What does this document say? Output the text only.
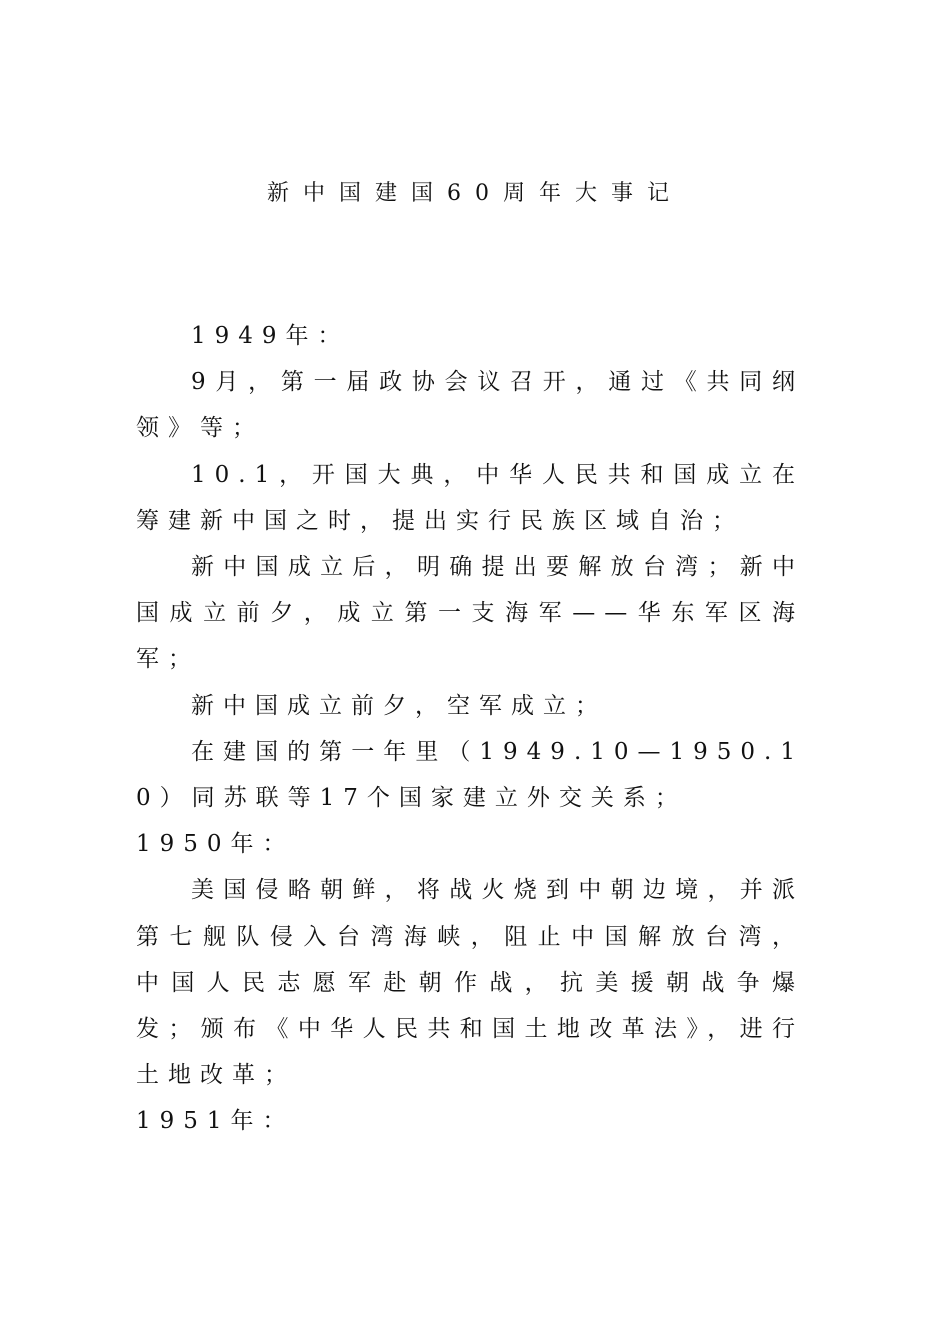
新中国建国60周年大事记

1949年：

9月，第一届政协会议召开，通过《共同纲领》等；

10.1，开国大典，中华人民共和国成立在筹建新中国之时，提出实行民族区域自治；

新中国成立后，明确提出要解放台湾；新中国成立前夕，成立第一支海军——华东军区海军；

新中国成立前夕，空军成立；

在建国的第一年里（1949.10—1950.10）同苏联等17个国家建立外交关系；

1950年：

美国侵略朝鲜，将战火烧到中朝边境，并派第七舰队侵入台湾海峡，阻止中国解放台湾，中国人民志愿军赴朝作战，抗美援朝战争爆发；颁布《中华人民共和国土地改革法》，进行土地改革；

1951年：
